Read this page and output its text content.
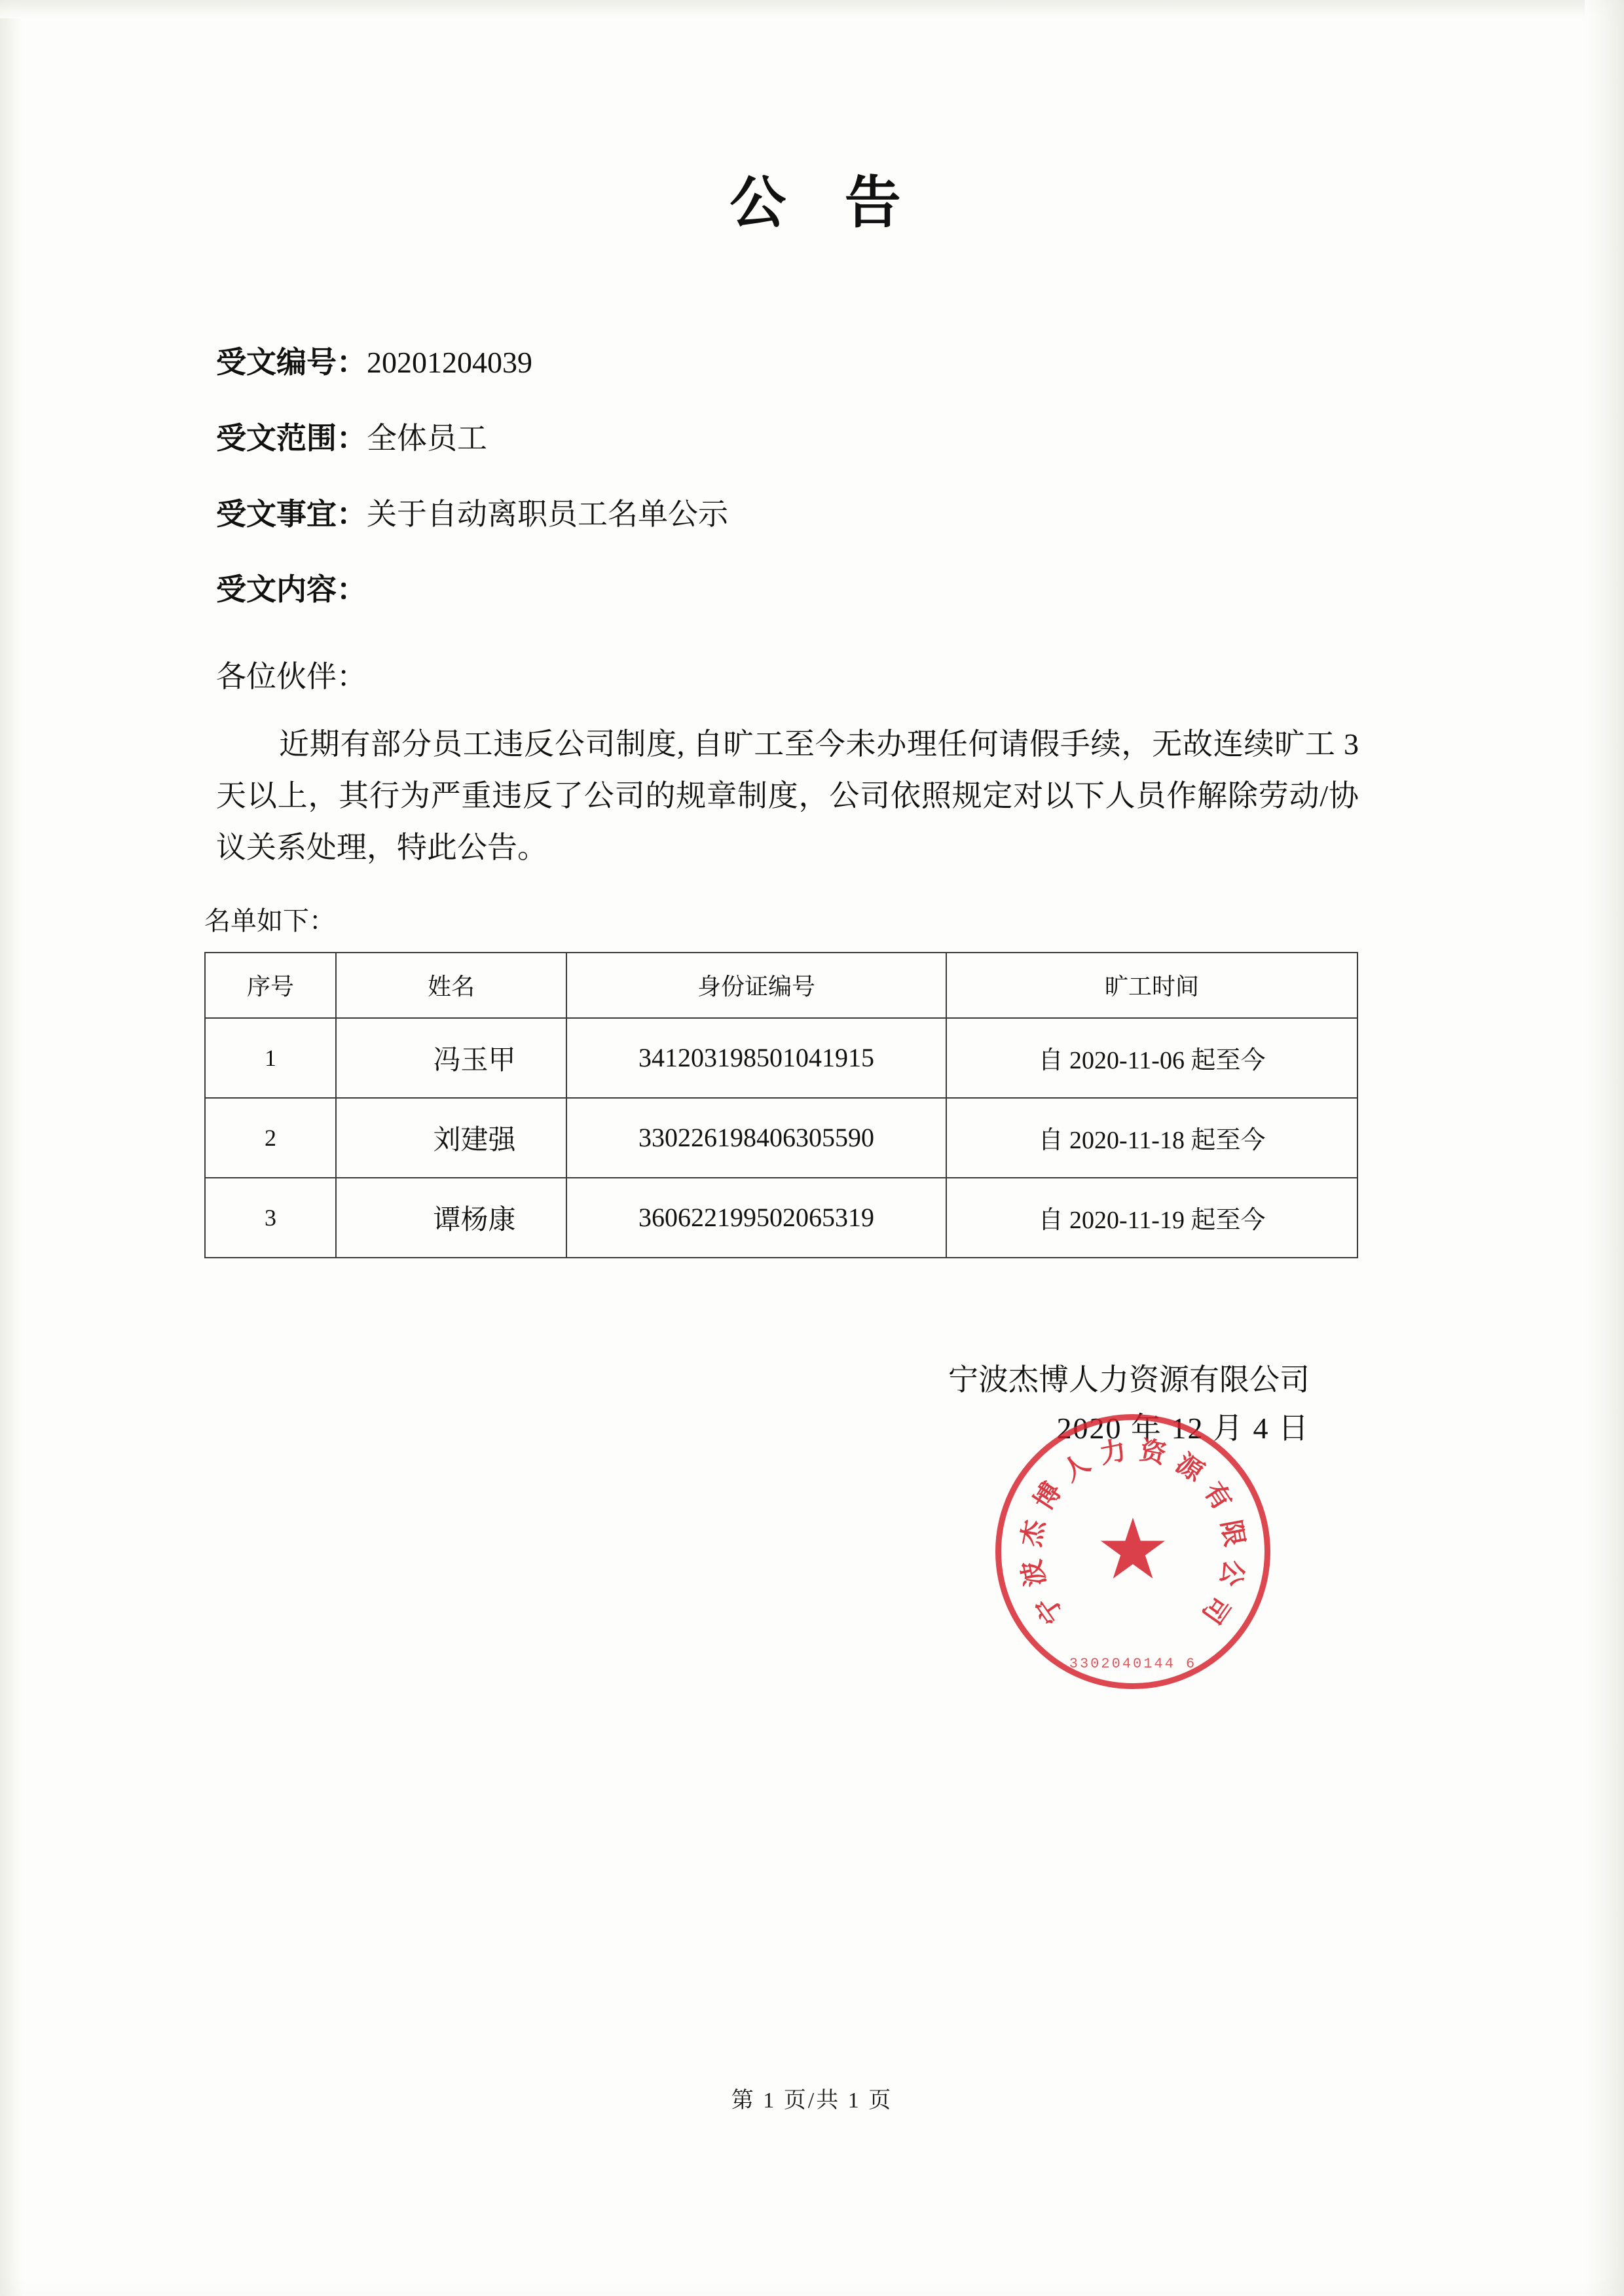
公 告
受文编号：20201204039
受文范围：全体员工
受文事宜：关于自动离职员工名单公示
受文内容：
各位伙伴：
近期有部分员工违反公司制度, 自旷工至今未办理任何请假手续，无故连续旷工 3 天以上，其行为严重违反了公司的规章制度，公司依照规定对以下人员作解除劳动/协议关系处理，特此公告。
名单如下：
序号	姓名	身份证编号	旷工时间
1	冯玉甲	341203198501041915	自 2020-11-06 起至今
2	刘建强	330226198406305590	自 2020-11-18 起至今
3	谭杨康	360622199502065319	自 2020-11-19 起至今
宁波杰博人力资源有限公司
2020 年 12 月 4 日
宁
波
杰
博
人 力 资 源
有
限
公
司
★
3302040144 6
第 1 页/共 1 页
